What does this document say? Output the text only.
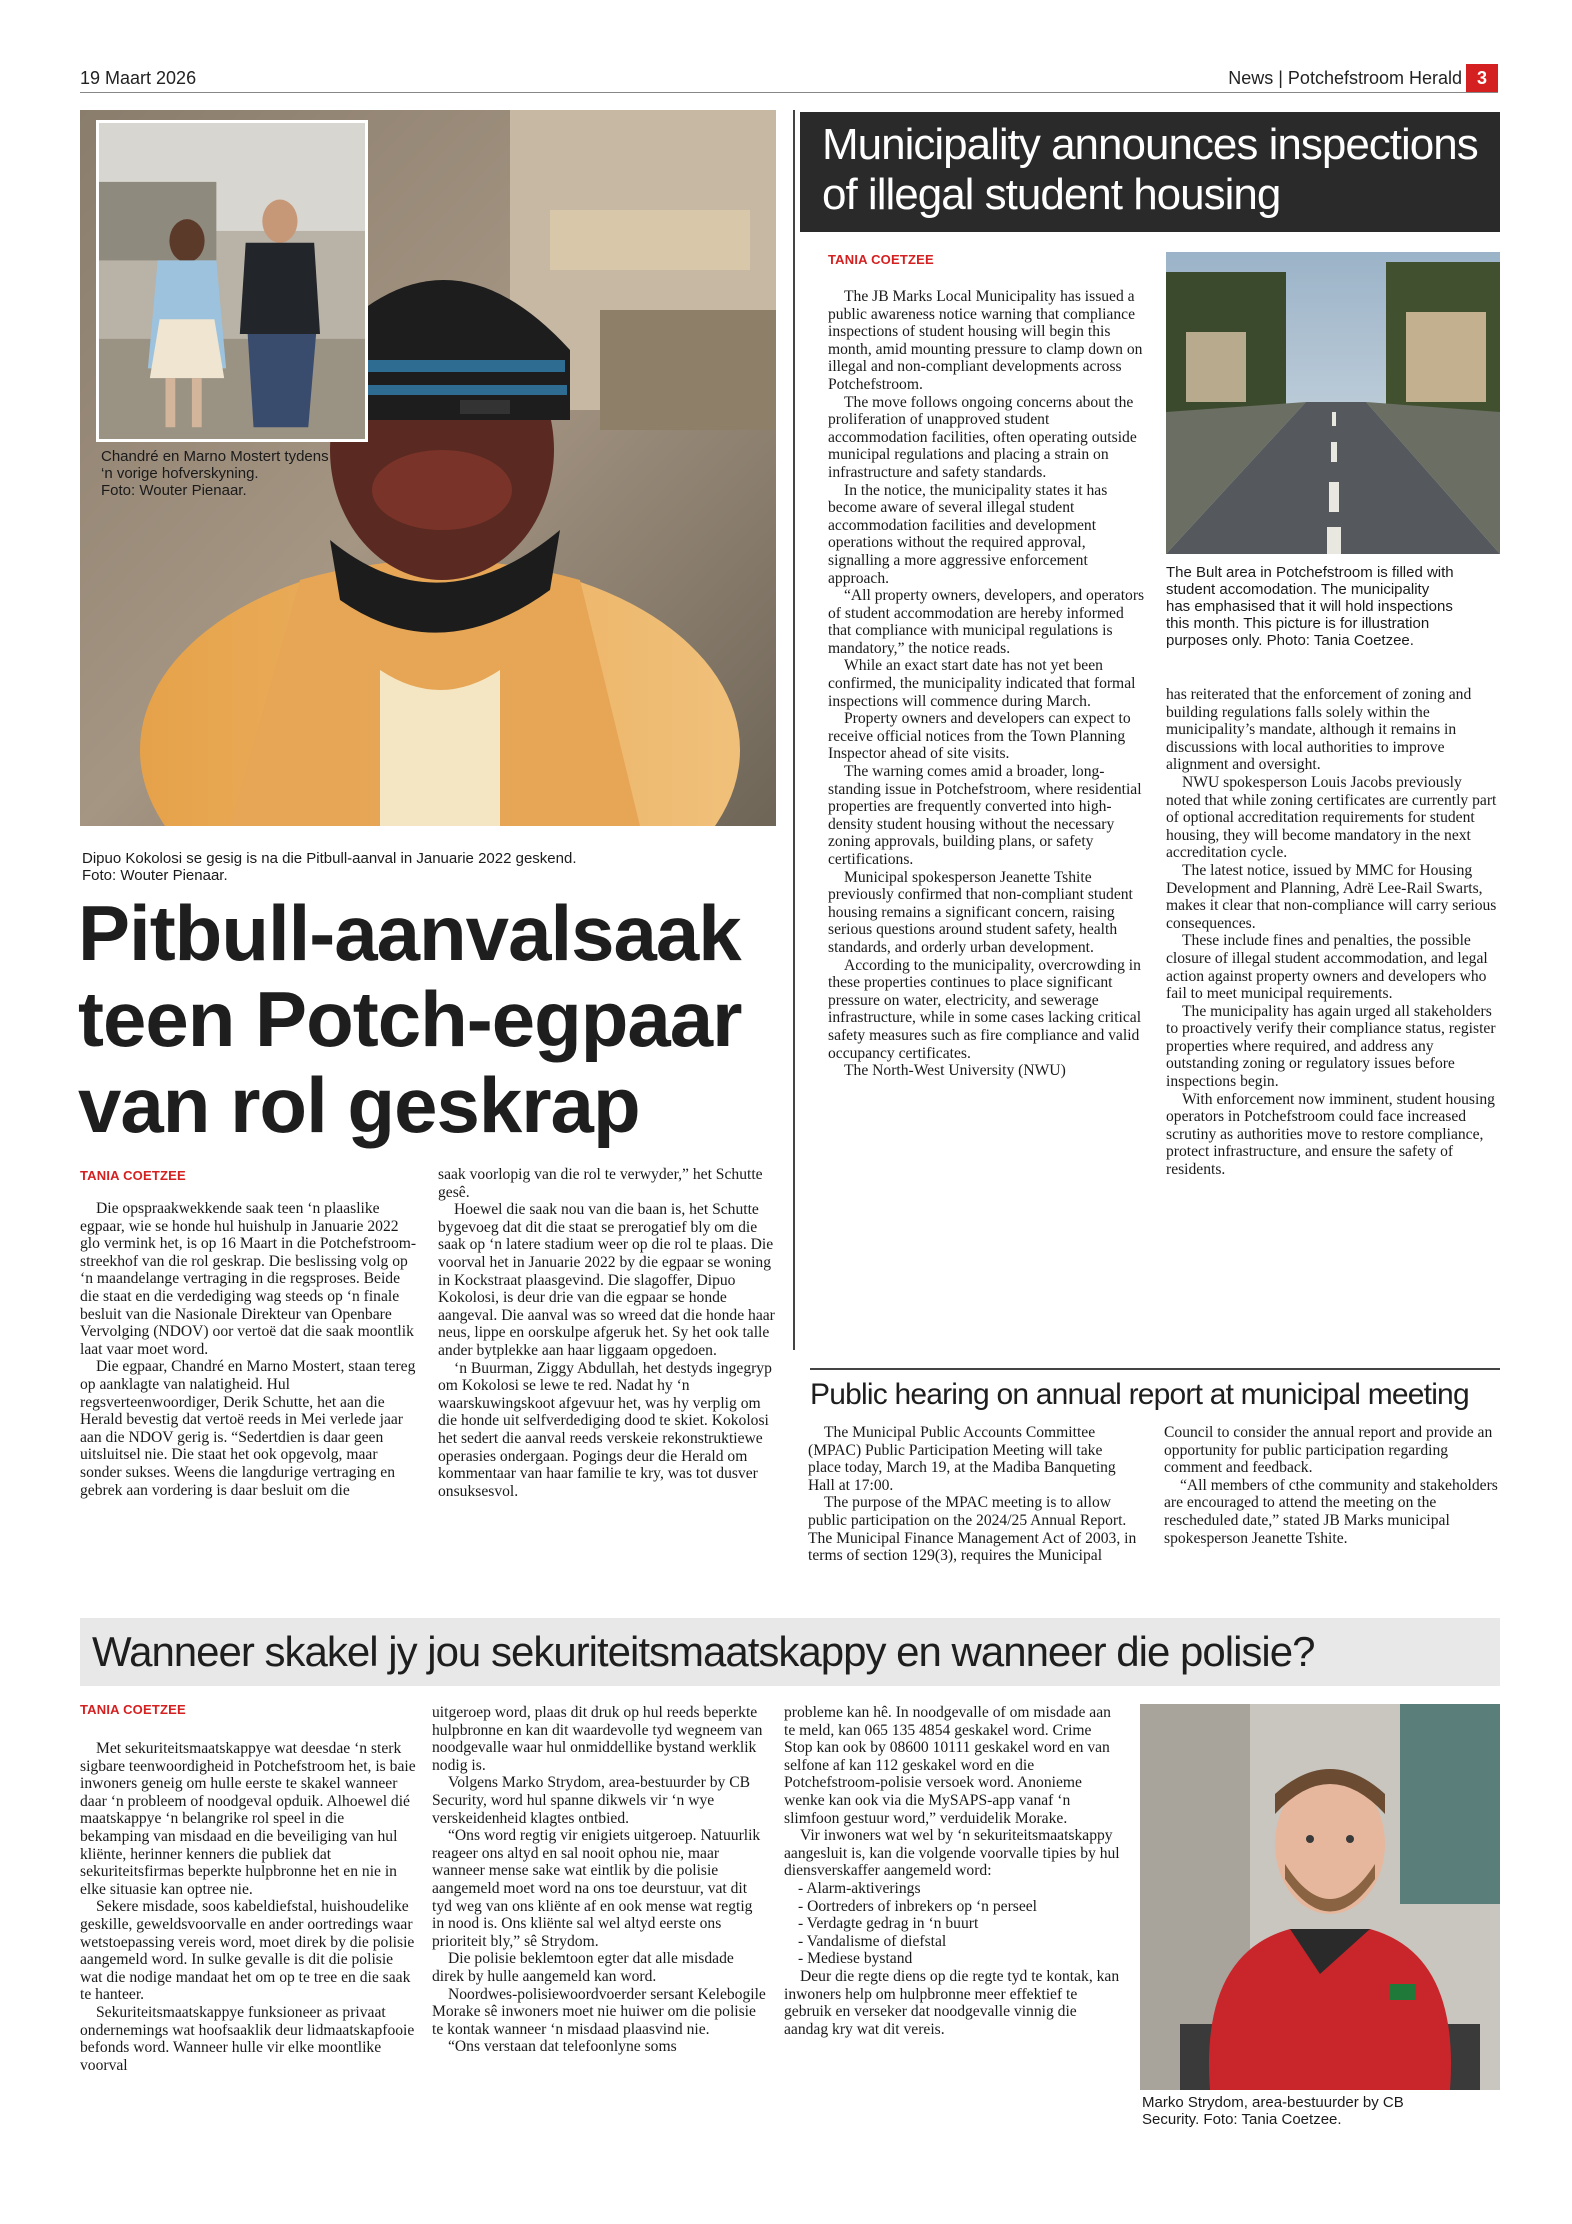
19 Maart 2026	News | Potchefstroom Herald 3
Chandré en Marno Mostert tydens
‘n vorige hofverskyning.
Foto: Wouter Pienaar.
Dipuo Kokolosi se gesig is na die Pitbull-aanval in Januarie 2022 geskend.
Foto: Wouter Pienaar.
Pitbull-aanvalsaak
teen Potch-egpaar
van rol geskrap
TANIA COETZEE

Die opspraakwekkende saak teen ‘n plaaslike egpaar, wie se honde hul huishulp in Januarie 2022 glo vermink het, is op 16 Maart in die Potchefstroom-streekhof van die rol geskrap. Die beslissing volg op ‘n maandelange vertraging in die regsproses. Beide die staat en die verdediging wag steeds op ‘n finale besluit van die Nasionale Direkteur van Openbare Vervolging (NDOV) oor vertoë dat die saak moontlik laat vaar moet word.

Die egpaar, Chandré en Marno Mostert, staan tereg op aanklagte van nalatigheid. Hul regsverteenwoordiger, Derik Schutte, het aan die Herald bevestig dat vertoë reeds in Mei verlede jaar aan die NDOV gerig is. “Sedertdien is daar geen uitsluitsel nie. Die staat het ook opgevolg, maar sonder sukses. Weens die langdurige vertraging en gebrek aan vordering is daar besluit om die

saak voorlopig van die rol te verwyder,” het Schutte gesê.

Hoewel die saak nou van die baan is, het Schutte bygevoeg dat dit die staat se prerogatief bly om die saak op ‘n latere stadium weer op die rol te plaas. Die voorval het in Januarie 2022 by die egpaar se woning in Kockstraat plaasgevind. Die slagoffer, Dipuo Kokolosi, is deur drie van die egpaar se honde aangeval. Die aanval was so wreed dat die honde haar neus, lippe en oorskulpe afgeruk het. Sy het ook talle ander bytplekke aan haar liggaam opgedoen.

‘n Buurman, Ziggy Abdullah, het destyds ingegryp om Kokolosi se lewe te red. Nadat hy ‘n waarskuwingskoot afgevuur het, was hy verplig om die honde uit selfverdediging dood te skiet. Kokolosi het sedert die aanval reeds verskeie rekonstruktiewe operasies ondergaan. Pogings deur die Herald om kommentaar van haar familie te kry, was tot dusver onsuksesvol.

Municipality announces inspections
of illegal student housing
TANIA COETZEE

The JB Marks Local Municipality has issued a public awareness notice warning that compliance inspections of student housing will begin this month, amid mounting pressure to clamp down on illegal and non-compliant developments across Potchefstroom.

The move follows ongoing concerns about the proliferation of unapproved student accommodation facilities, often operating outside municipal regulations and placing a strain on infrastructure and safety standards.

In the notice, the municipality states it has become aware of several illegal student accommodation facilities and development operations without the required approval, signalling a more aggressive enforcement approach.

“All property owners, developers, and operators of student accommodation are hereby informed that compliance with municipal regulations is mandatory,” the notice reads.

While an exact start date has not yet been confirmed, the municipality indicated that formal inspections will commence during March.

Property owners and developers can expect to receive official notices from the Town Planning Inspector ahead of site visits.

The warning comes amid a broader, long-standing issue in Potchefstroom, where residential properties are frequently converted into high-density student housing without the necessary zoning approvals, building plans, or safety certifications.

Municipal spokesperson Jeanette Tshite previously confirmed that non-compliant student housing remains a significant concern, raising serious questions around student safety, health standards, and orderly urban development.

According to the municipality, overcrowding in these properties continues to place significant pressure on water, electricity, and sewerage infrastructure, while in some cases lacking critical safety measures such as fire compliance and valid occupancy certificates.

The North-West University (NWU)

The Bult area in Potchefstroom is filled with
student accomodation. The municipality
has emphasised that it will hold inspections
this month. This picture is for illustration
purposes only. Photo: Tania Coetzee.

has reiterated that the enforcement of zoning and building regulations falls solely within the municipality’s mandate, although it remains in discussions with local authorities to improve alignment and oversight.

NWU spokesperson Louis Jacobs previously noted that while zoning certificates are currently part of optional accreditation requirements for student housing, they will become mandatory in the next accreditation cycle.

The latest notice, issued by MMC for Housing Development and Planning, Adrë Lee-Rail Swarts, makes it clear that non-compliance will carry serious consequences.

These include fines and penalties, the possible closure of illegal student accommodation, and legal action against property owners and developers who fail to meet municipal requirements.

The municipality has again urged all stakeholders to proactively verify their compliance status, register properties where required, and address any outstanding zoning or regulatory issues before inspections begin.

With enforcement now imminent, student housing operators in Potchefstroom could face increased scrutiny as authorities move to restore compliance, protect infrastructure, and ensure the safety of residents.

Public hearing on annual report at municipal meeting

The Municipal Public Accounts Committee (MPAC) Public Participation Meeting will take place today, March 19, at the Madiba Banqueting Hall at 17:00.

The purpose of the MPAC meeting is to allow public participation on the 2024/25 Annual Report. The Municipal Finance Management Act of 2003, in terms of section 129(3), requires the Municipal

Council to consider the annual report and provide an opportunity for public participation regarding comment and feedback.

“All members of cthe community and stakeholders are encouraged to attend the meeting on the rescheduled date,” stated JB Marks municipal spokesperson Jeanette Tshite.

Wanneer skakel jy jou sekuriteitsmaatskappy en wanneer die polisie?
TANIA COETZEE

Met sekuriteitsmaatskappye wat deesdae ‘n sterk sigbare teenwoordigheid in Potchefstroom het, is baie inwoners geneig om hulle eerste te skakel wanneer daar ‘n probleem of noodgeval opduik. Alhoewel dié maatskappye ‘n belangrike rol speel in die bekamping van misdaad en die beveiliging van hul kliënte, herinner kenners die publiek dat sekuriteitsfirmas beperkte hulpbronne het en nie in elke situasie kan optree nie.

Sekere misdade, soos kabeldiefstal, huishoudelike geskille, geweldsvoorvalle en ander oortredings waar wetstoepassing vereis word, moet direk by die polisie aangemeld word. In sulke gevalle is dit die polisie wat die nodige mandaat het om op te tree en die saak te hanteer.

Sekuriteitsmaatskappye funksioneer as privaat ondernemings wat hoofsaaklik deur lidmaatskapfooie befonds word. Wanneer hulle vir elke moontlike voorval

uitgeroep word, plaas dit druk op hul reeds beperkte hulpbronne en kan dit waardevolle tyd wegneem van noodgevalle waar hul onmiddellike bystand werklik nodig is.

Volgens Marko Strydom, area-bestuurder by CB Security, word hul spanne dikwels vir ‘n wye verskeidenheid klagtes ontbied.

“Ons word regtig vir enigiets uitgeroep. Natuurlik reageer ons altyd en sal nooit ophou nie, maar wanneer mense sake wat eintlik by die polisie aangemeld moet word na ons toe deurstuur, vat dit tyd weg van ons kliënte af en ook mense wat regtig in nood is. Ons kliënte sal wel altyd eerste ons prioriteit bly,” sê Strydom.

Die polisie beklemtoon egter dat alle misdade direk by hulle aangemeld kan word.

Noordwes-polisiewoordvoerder sersant Kelebogile Morake sê inwoners moet nie huiwer om die polisie te kontak wanneer ‘n misdaad plaasvind nie.

“Ons verstaan dat telefoonlyne soms

probleme kan hê. In noodgevalle of om misdade aan te meld, kan 065 135 4854 geskakel word. Crime Stop kan ook by 08600 10111 geskakel word en van selfone af kan 112 geskakel word en die Potchefstroom-polisie versoek word. Anonieme wenke kan ook via die MySAPS-app vanaf ‘n slimfoon gestuur word,” verduidelik Morake.

Vir inwoners wat wel by ‘n sekuriteitsmaatskappy aangesluit is, kan die volgende voorvalle tipies by hul diensverskaffer aangemeld word:

- Alarm-aktiverings

- Oortreders of inbrekers op ‘n perseel

- Verdagte gedrag in ‘n buurt

- Vandalisme of diefstal

- Mediese bystand

Deur die regte diens op die regte tyd te kontak, kan inwoners help om hulpbronne meer effektief te gebruik en verseker dat noodgevalle vinnig die aandag kry wat dit vereis.

Marko Strydom, area-bestuurder by CB
Security. Foto: Tania Coetzee.
